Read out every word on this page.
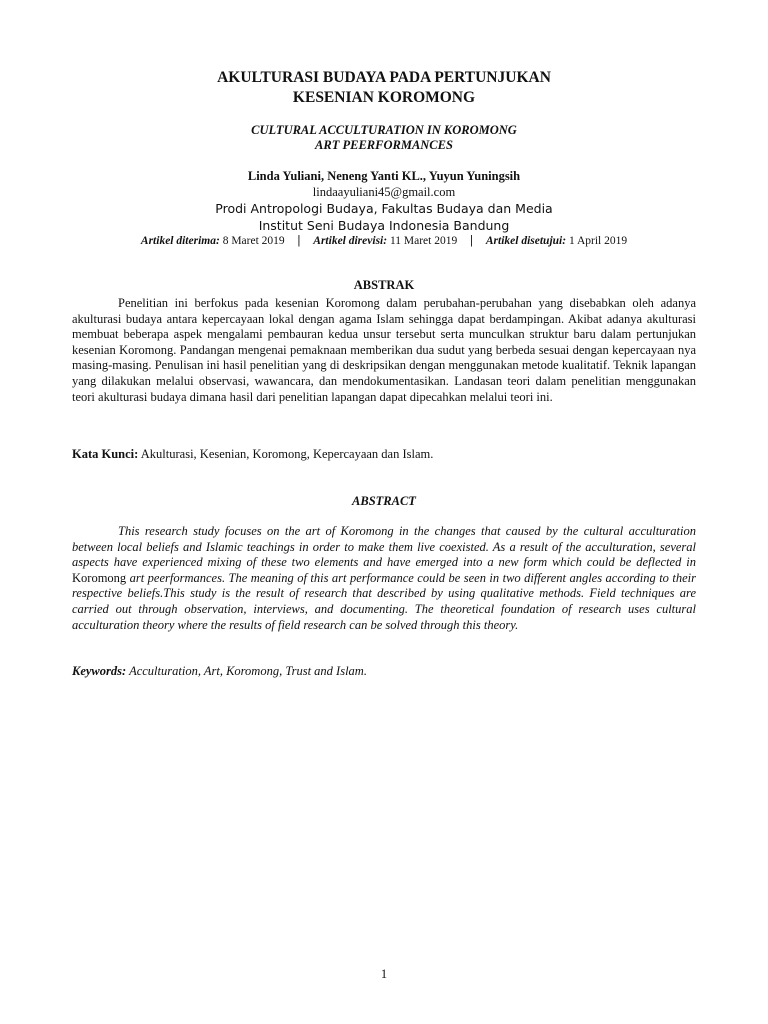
AKULTURASI BUDAYA PADA PERTUNJUKAN
KESENIAN KOROMONG
CULTURAL ACCULTURATION IN KOROMONG
ART PEERFORMANCES
Linda Yuliani, Neneng Yanti KL., Yuyun Yuningsih
lindaayuliani45@gmail.com
Prodi Antropologi Budaya, Fakultas Budaya dan Media
Institut Seni Budaya Indonesia Bandung
Artikel diterima: 8 Maret 2019 | Artikel direvisi: 11 Maret 2019 | Artikel disetujui: 1 April 2019
ABSTRAK
Penelitian ini berfokus pada kesenian Koromong dalam perubahan-perubahan yang disebabkan oleh adanya akulturasi budaya antara kepercayaan lokal dengan agama Islam sehingga dapat berdampingan. Akibat adanya akulturasi membuat beberapa aspek mengalami pembauran kedua unsur tersebut serta munculkan struktur baru dalam pertunjukan kesenian Koromong. Pandangan mengenai pemaknaan memberikan dua sudut yang berbeda sesuai dengan kepercayaan nya masing-masing. Penulisan ini hasil penelitian yang di deskripsikan dengan menggunakan metode kualitatif. Teknik lapangan yang dilakukan melalui observasi, wawancara, dan mendokumentasikan. Landasan teori dalam penelitian menggunakan teori akulturasi budaya dimana hasil dari penelitian lapangan dapat dipecahkan melalui teori ini.
Kata Kunci: Akulturasi, Kesenian, Koromong, Kepercayaan dan Islam.
ABSTRACT
This research study focuses on the art of Koromong in the changes that caused by the cultural acculturation between local beliefs and Islamic teachings in order to make them live coexisted. As a result of the acculturation, several aspects have experienced mixing of these two elements and have emerged into a new form which could be deflected in Koromong art peerformances. The meaning of this art performance could be seen in two different angles according to their respective beliefs.This study is the result of research that described by using qualitative methods. Field techniques are carried out through observation, interviews, and documenting. The theoretical foundation of research uses cultural acculturation theory where the results of field research can be solved through this theory.
Keywords: Acculturation, Art, Koromong, Trust and Islam.
1
